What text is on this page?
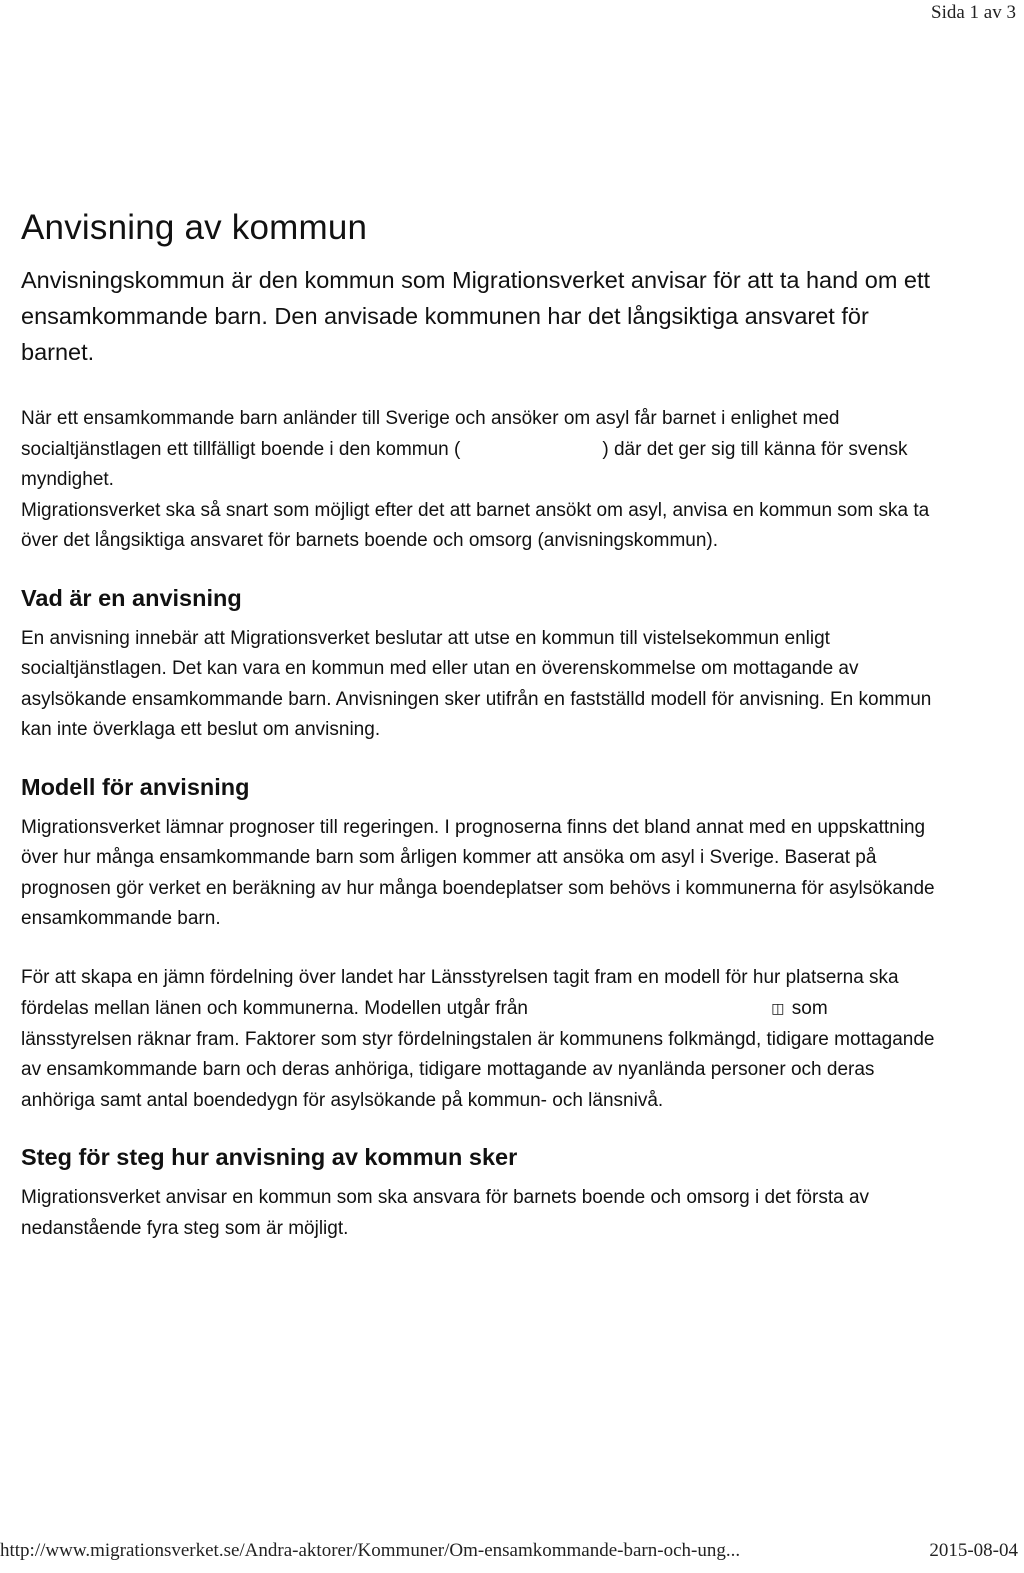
Sida 1 av 3
Anvisning av kommun

Anvisningskommun är den kommun som Migrationsverket anvisar för att ta hand om ett ensamkommande barn. Den anvisade kommunen har det långsiktiga ansvaret för barnet.

När ett ensamkommande barn anländer till Sverige och ansöker om asyl får barnet i enlighet med socialtjänstlagen ett tillfälligt boende i den kommun (	) där det ger sig till känna för svensk myndighet.
Migrationsverket ska så snart som möjligt efter det att barnet ansökt om asyl, anvisa en kommun som ska ta över det långsiktiga ansvaret för barnets boende och omsorg (anvisningskommun).

Vad är en anvisning

En anvisning innebär att Migrationsverket beslutar att utse en kommun till vistelsekommun enligt socialtjänstlagen. Det kan vara en kommun med eller utan en överenskommelse om mottagande av asylsökande ensamkommande barn. Anvisningen sker utifrån en fastställd modell för anvisning. En kommun kan inte överklaga ett beslut om anvisning.

Modell för anvisning

Migrationsverket lämnar prognoser till regeringen. I prognoserna finns det bland annat med en uppskattning över hur många ensamkommande barn som årligen kommer att ansöka om asyl i Sverige. Baserat på prognosen gör verket en beräkning av hur många boendeplatser som behövs i kommunerna för asylsökande ensamkommande barn.

För att skapa en jämn fördelning över landet har Länsstyrelsen tagit fram en modell för hur platserna ska fördelas mellan länen och kommunerna. Modellen utgår från	◫ som länsstyrelsen räknar fram. Faktorer som styr fördelningstalen är kommunens folkmängd, tidigare mottagande av ensamkommande barn och deras anhöriga, tidigare mottagande av nyanlända personer och deras anhöriga samt antal boendedygn för asylsökande på kommun- och länsnivå.

Steg för steg hur anvisning av kommun sker

Migrationsverket anvisar en kommun som ska ansvara för barnets boende och omsorg i det första av nedanstående fyra steg som är möjligt.

http://www.migrationsverket.se/Andra-aktorer/Kommuner/Om-ensamkommande-barn-och-ung...	2015-08-04
